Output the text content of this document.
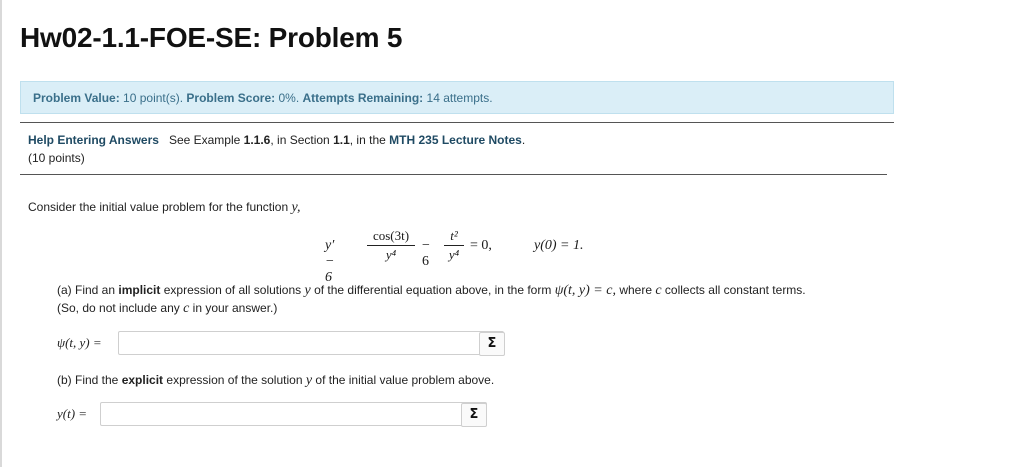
Hw02-1.1-FOE-SE: Problem 5
Problem Value: 10 point(s). Problem Score: 0%. Attempts Remaining: 14 attempts.
Help Entering Answers See Example 1.1.6, in Section 1.1, in the MTH 235 Lecture Notes.
(10 points)
Consider the initial value problem for the function y,
y′ − 6
cos(3t)
y⁴
− 6
t²
y⁴
= 0,	y(0) = 1.
(a) Find an implicit expression of all solutions y of the differential equation above, in the form ψ(t, y) = c, where c collects all constant terms.
(So, do not include any c in your answer.)
ψ(t, y) =	Σ
(b) Find the explicit expression of the solution y of the initial value problem above.
y(t) =	Σ
